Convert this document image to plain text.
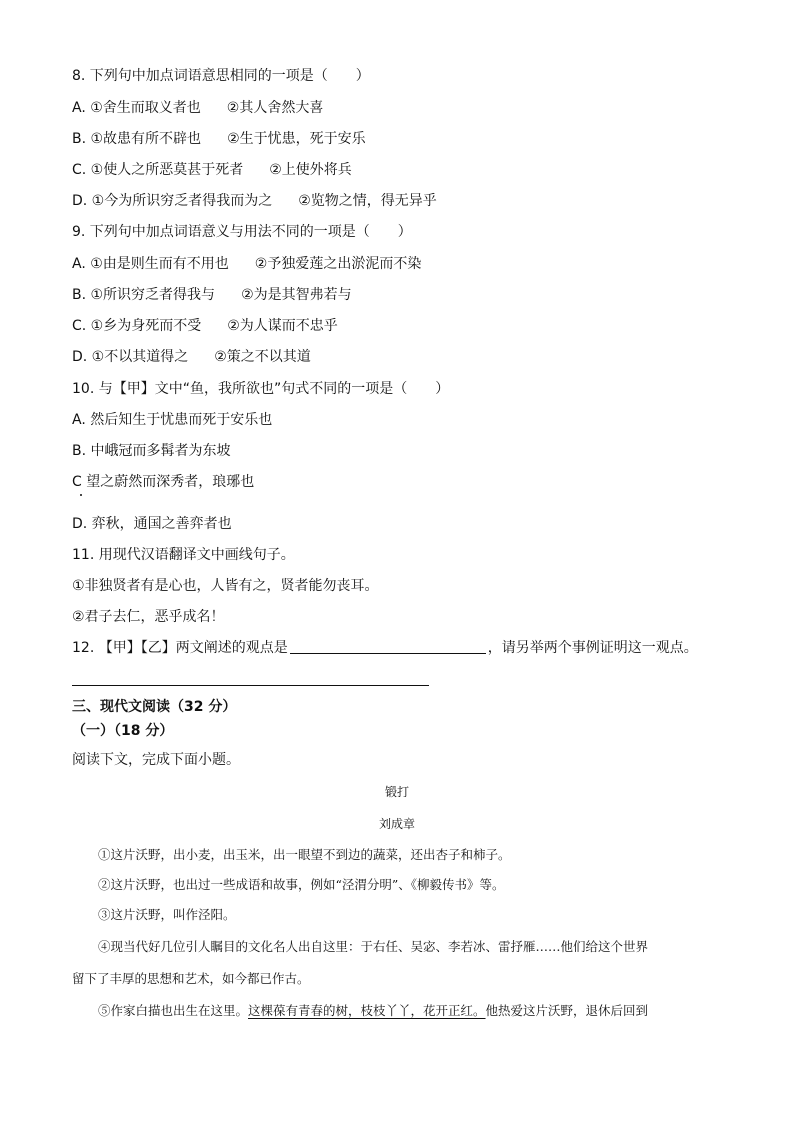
8. 下列句中加点词语意思相同的一项是（　　）
A. ①舍生而取义者也 ②其人舍然大喜
B. ①故患有所不辟也 ②生于忧患，死于安乐
C. ①使人之所恶莫甚于死者 ②上使外将兵
D. ①今为所识穷乏者得我而为之 ②览物之情，得无异乎
9. 下列句中加点词语意义与用法不同的一项是（　　）
A. ①由是则生而有不用也 ②予独爱莲之出淤泥而不染
B. ①所识穷乏者得我与 ②为是其智弗若与
C. ①乡为身死而不受 ②为人谋而不忠乎
D. ①不以其道得之 ②策之不以其道
10. 与【甲】文中“鱼，我所欲也”句式不同的一项是（　　）
A. 然后知生于忧患而死于安乐也
B. 中峨冠而多髯者为东坡
C 望之蔚然而深秀者，琅琊也
D. 弈秋，通国之善弈者也
11. 用现代汉语翻译文中画线句子。
①非独贤者有是心也，人皆有之，贤者能勿丧耳。
②君子去仁，恶乎成名！
12. 【甲】【乙】两文阐述的观点是	，请另举两个事例证明这一观点。
三、现代文阅读（32 分）
（一）（18 分）
阅读下文，完成下面小题。
锻打
刘成章
①这片沃野，出小麦，出玉米，出一眼望不到边的蔬菜，还出杏子和柿子。
②这片沃野，也出过一些成语和故事，例如“泾渭分明”、《柳毅传书》等。
③这片沃野，叫作泾阳。
④现当代好几位引人瞩目的文化名人出自这里：于右任、吴宓、李若冰、雷抒雁……他们给这个世界
留下了丰厚的思想和艺术，如今都已作古。
⑤作家白描也出生在这里。这棵葆有青春的树，枝枝丫丫，花开正红。他热爱这片沃野，退休后回到
